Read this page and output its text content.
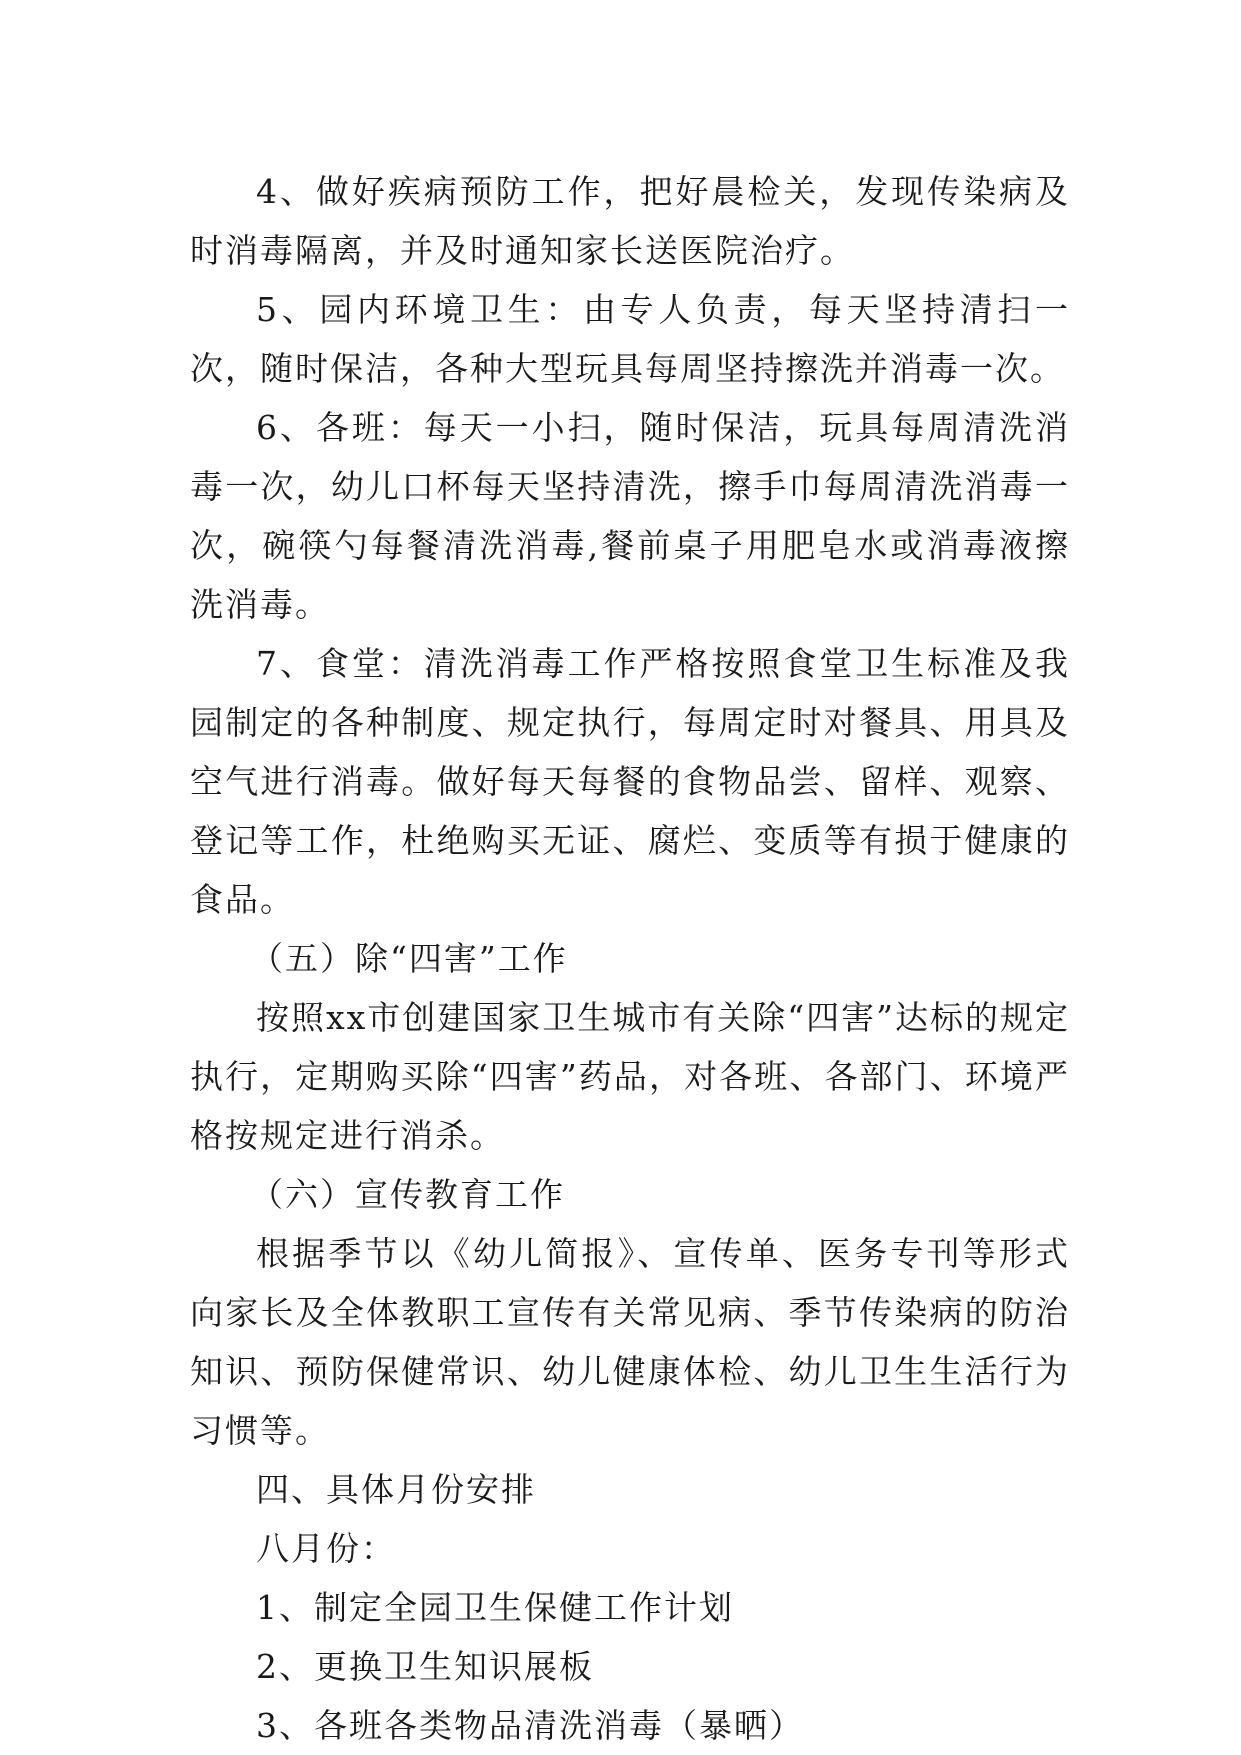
4、做好疾病预防工作，把好晨检关，发现传染病及时消毒隔离，并及时通知家长送医院治疗。

5、园内环境卫生：由专人负责，每天坚持清扫一次，随时保洁，各种大型玩具每周坚持擦洗并消毒一次。

6、各班：每天一小扫，随时保洁，玩具每周清洗消毒一次，幼儿口杯每天坚持清洗，擦手巾每周清洗消毒一次，碗筷勺每餐清洗消毒,餐前桌子用肥皂水或消毒液擦洗消毒。

7、食堂：清洗消毒工作严格按照食堂卫生标准及我园制定的各种制度、规定执行，每周定时对餐具、用具及空气进行消毒。做好每天每餐的食物品尝、留样、观察、登记等工作，杜绝购买无证、腐烂、变质等有损于健康的食品。

（五）除“四害”工作

按照xx市创建国家卫生城市有关除“四害”达标的规定执行，定期购买除“四害”药品，对各班、各部门、环境严格按规定进行消杀。

（六）宣传教育工作

根据季节以《幼儿简报》、宣传单、医务专刊等形式向家长及全体教职工宣传有关常见病、季节传染病的防治知识、预防保健常识、幼儿健康体检、幼儿卫生生活行为习惯等。

四、具体月份安排

八月份：

1、制定全园卫生保健工作计划

2、更换卫生知识展板

3、各班各类物品清洗消毒（暴晒）
